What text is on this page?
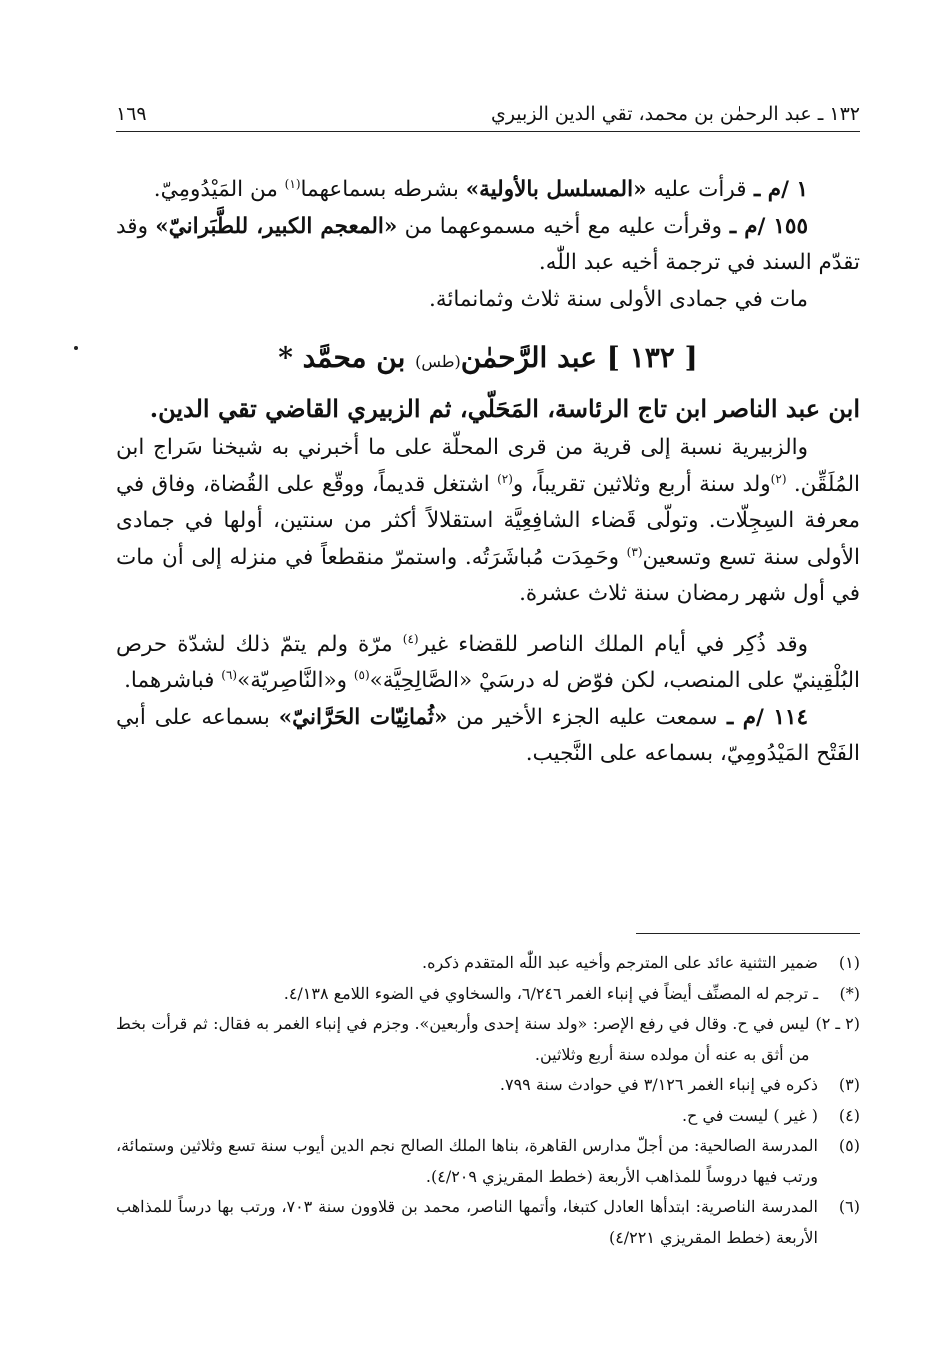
١٣٢ ـ عبد الرحمٰن بن محمد، تقي الدين الزبيري
١٦٩

١ /م ـ قرأت عليه «المسلسل بالأولية» بشرطه بسماعهما$^{(١)}$ من المَيْدُومِيّ.

١٥٥ /م ـ وقرأت عليه مع أخيه مسموعهما من «المعجم الكبير، للطَّبَرانيّ» وقد تقدّم السند في ترجمة أخيه عبد اللّٰه.

مات في جمادى الأولى سنة ثلاث وثمانمائة.

[ ١٣٢ ] عبد الرَّحمٰن(طس) بن محمَّد *

ابن عبد الناصر ابن تاج الرئاسة، المَحَلّي، ثم الزبيري القاضي تقي الدين.

والزبيرية نسبة إلى قرية من قرى المحلّة على ما أخبرني به شيخنا سَراج ابن المُلَقِّن. $^{(٢)}$ولد سنة أربع وثلاثين تقريباً، و$^{(٢)}$ اشتغل قديماً، ووقّع على القُضاة، وفاق في معرفة السِجِلّات. وتولّى قَضاء الشافِعِيَّة استقلالاً أكثر من سنتين، أولها في جمادى الأولى سنة تسع وتسعين$^{(٣)}$ وحَمِدَت مُباشَرَتُه. واستمرّ منقطعاً في منزله إلى أن مات في أول شهر رمضان سنة ثلاث عشرة.

وقد ذُكِر في أيام الملك الناصر للقضاء غير$^{(٤)}$ مرّة ولم يتمّ ذلك لشدّة حرص البُلْقِينيّ على المنصب، لكن فوّض له درسَيْ «الصَّالِحِيَّة»$^{(٥)}$ و«النَّاصِريّة»$^{(٦)}$ فباشرهما.

١١٤ /م ـ سمعت عليه الجزء الأخير من «ثُمانِيّات الحَرَّانيّ» بسماعه على أبي الفَتْح المَيْدُومِيّ، بسماعه على النَّجيب.

(١)
ضمير التثنية عائد على المترجم وأخيه عبد اللّٰه المتقدم ذكره.
(*)
ـ ترجم له المصنِّف أيضاً في إنباء الغمر ٦/٢٤٦، والسخاوي في الضوء اللامع ٤/١٣٨.
(٢ ـ ٢)
ليس في ح. وقال في رفع الإصر: «ولد سنة إحدى وأربعين». وجزم في إنباء الغمر به فقال: ثم قرأت بخط من أثق به عنه أن مولده سنة أربع وثلاثين.
(٣)
ذكره في إنباء الغمر ٣/١٢٦ في حوادث سنة ٧٩٩.
(٤)
( غير ) ليست في ح.
(٥)
المدرسة الصالحية: من أجلّ مدارس القاهرة، بناها الملك الصالح نجم الدين أيوب سنة تسع وثلاثين وستمائة، ورتب فيها دروساً للمذاهب الأربعة (خطط المقريزي ٤/٢٠٩).
(٦)
المدرسة الناصرية: ابتدأها العادل كتبغا، وأتمها الناصر، محمد بن قلاوون سنة ٧٠٣، ورتب بها درساً للمذاهب الأربعة (خطط المقريزي ٤/٢٢١)
